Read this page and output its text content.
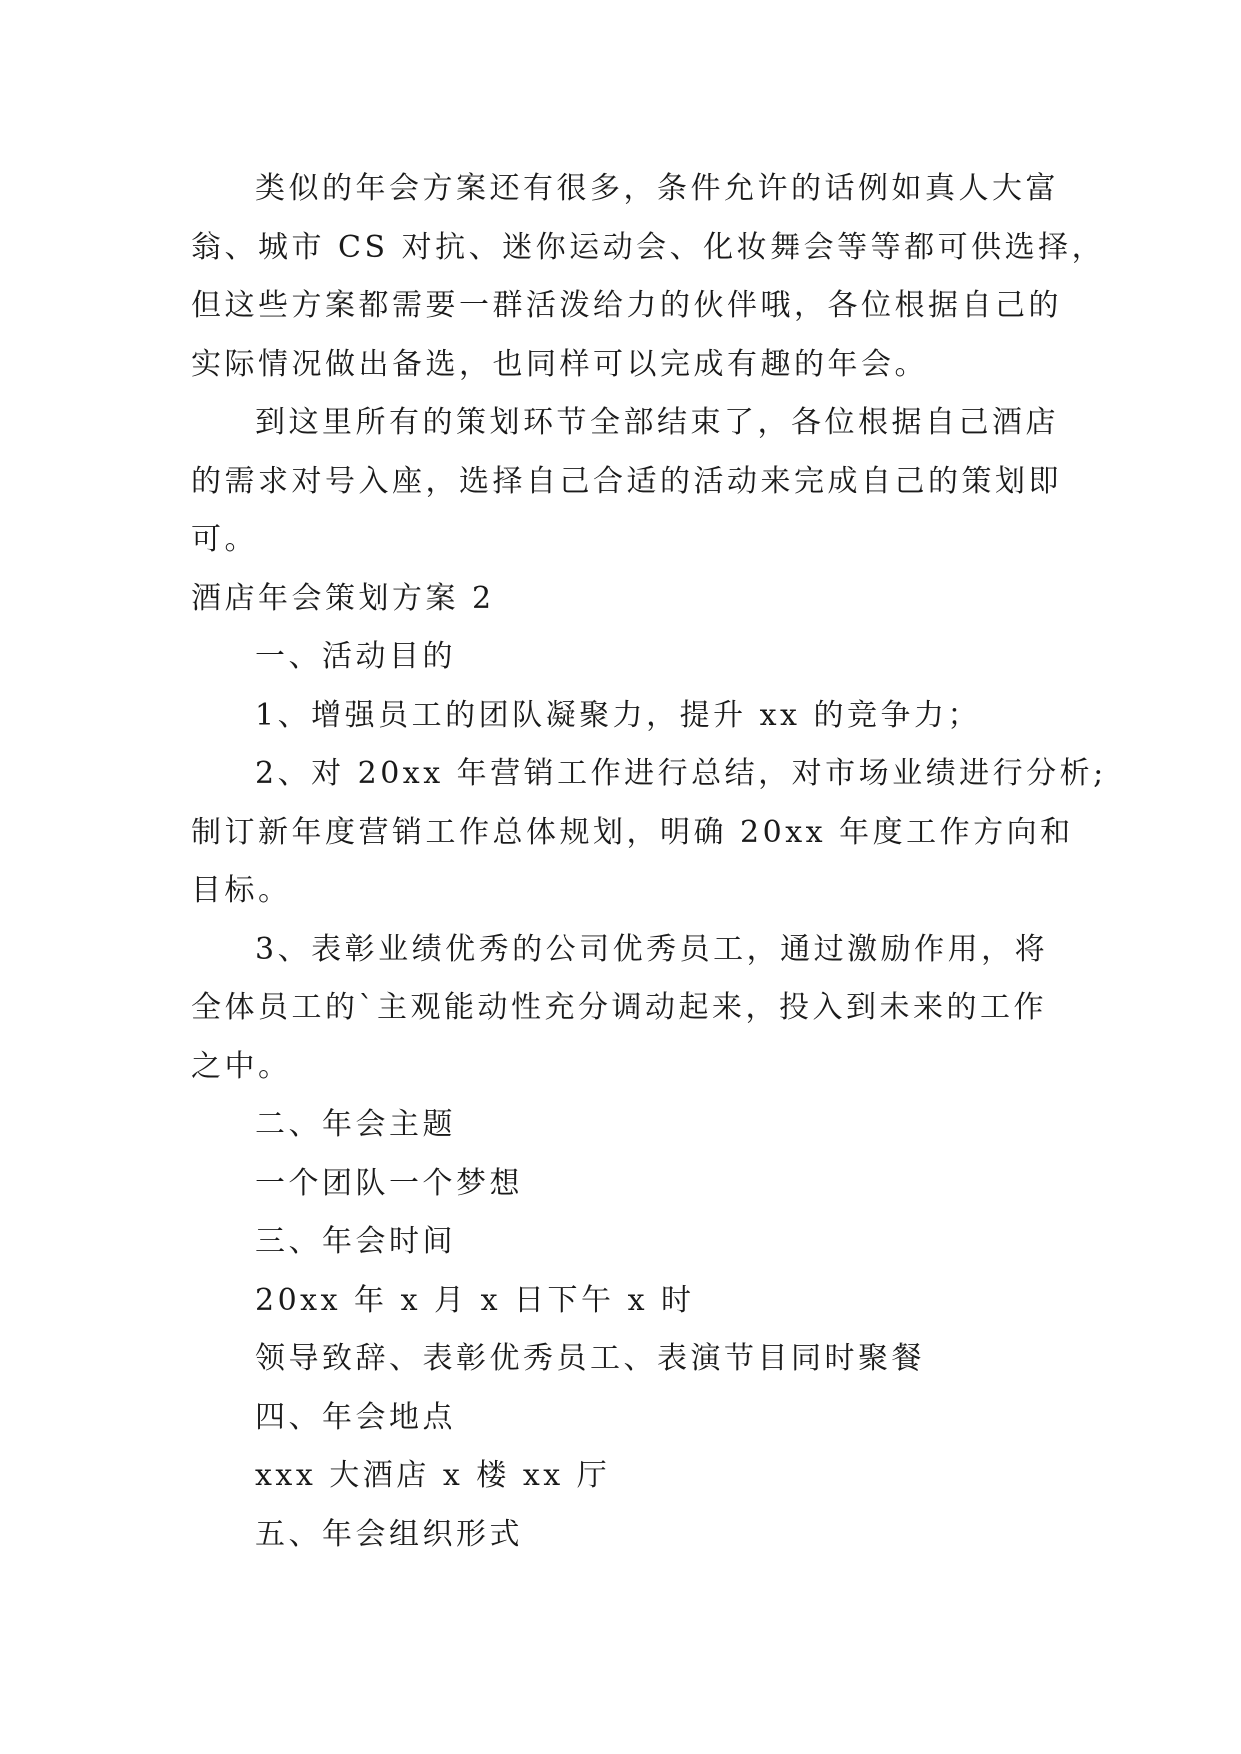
类似的年会方案还有很多，条件允许的话例如真人大富
翁、城市 CS 对抗、迷你运动会、化妆舞会等等都可供选择，
但这些方案都需要一群活泼给力的伙伴哦，各位根据自己的
实际情况做出备选，也同样可以完成有趣的年会。
到这里所有的策划环节全部结束了，各位根据自己酒店
的需求对号入座，选择自己合适的活动来完成自己的策划即
可。
酒店年会策划方案 2
一、活动目的
1、增强员工的团队凝聚力，提升 xx 的竞争力；
2、对 20xx 年营销工作进行总结，对市场业绩进行分析;
制订新年度营销工作总体规划，明确 20xx 年度工作方向和
目标。
3、表彰业绩优秀的公司优秀员工，通过激励作用，将
全体员工的`主观能动性充分调动起来，投入到未来的工作
之中。
二、年会主题
一个团队一个梦想
三、年会时间
20xx 年 x 月 x 日下午 x 时
领导致辞、表彰优秀员工、表演节目同时聚餐
四、年会地点
xxx 大酒店 x 楼 xx 厅
五、年会组织形式
